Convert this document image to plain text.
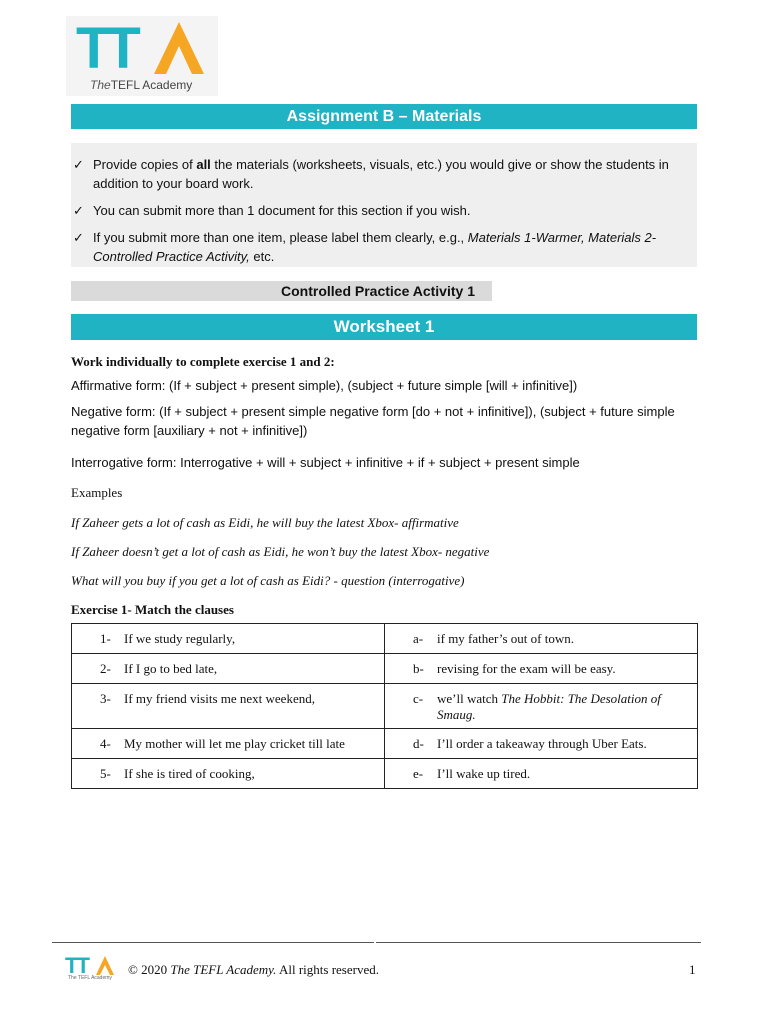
TT
TheTEFL Academy
Assignment B – Materials
✓ Provide copies of all the materials (worksheets, visuals, etc.) you would give or show the students in addition to your board work.
✓ You can submit more than 1 document for this section if you wish.
✓ If you submit more than one item, please label them clearly, e.g., Materials 1-Warmer, Materials 2- Controlled Practice Activity, etc.
Controlled Practice Activity 1
Worksheet 1
Work individually to complete exercise 1 and 2:
Affirmative form: (If + subject + present simple), (subject + future simple [will + infinitive])
Negative form: (If + subject + present simple negative form [do + not + infinitive]), (subject + future simple negative form [auxiliary + not + infinitive])
Interrogative form: Interrogative + will + subject + infinitive + if + subject + present simple
Examples
If Zaheer gets a lot of cash as Eidi, he will buy the latest Xbox- affirmative
If Zaheer doesn’t get a lot of cash as Eidi, he won’t buy the latest Xbox- negative
What will you buy if you get a lot of cash as Eidi? - question (interrogative)
Exercise 1- Match the clauses
1- If we study regularly,	a- if my father’s out of town.

2- If I go to bed late,	b- revising for the exam will be easy.

3- If my friend visits me next weekend,	c- we’ll watch The Hobbit: The Desolation of Smaug.

4- My mother will let me play cricket till late	d- I’ll order a takeaway through Uber Eats.

5- If she is tired of cooking,	e- I’ll wake up tired.
TT
The TEFL Academy
© 2020 The TEFL Academy. All rights reserved.	1
